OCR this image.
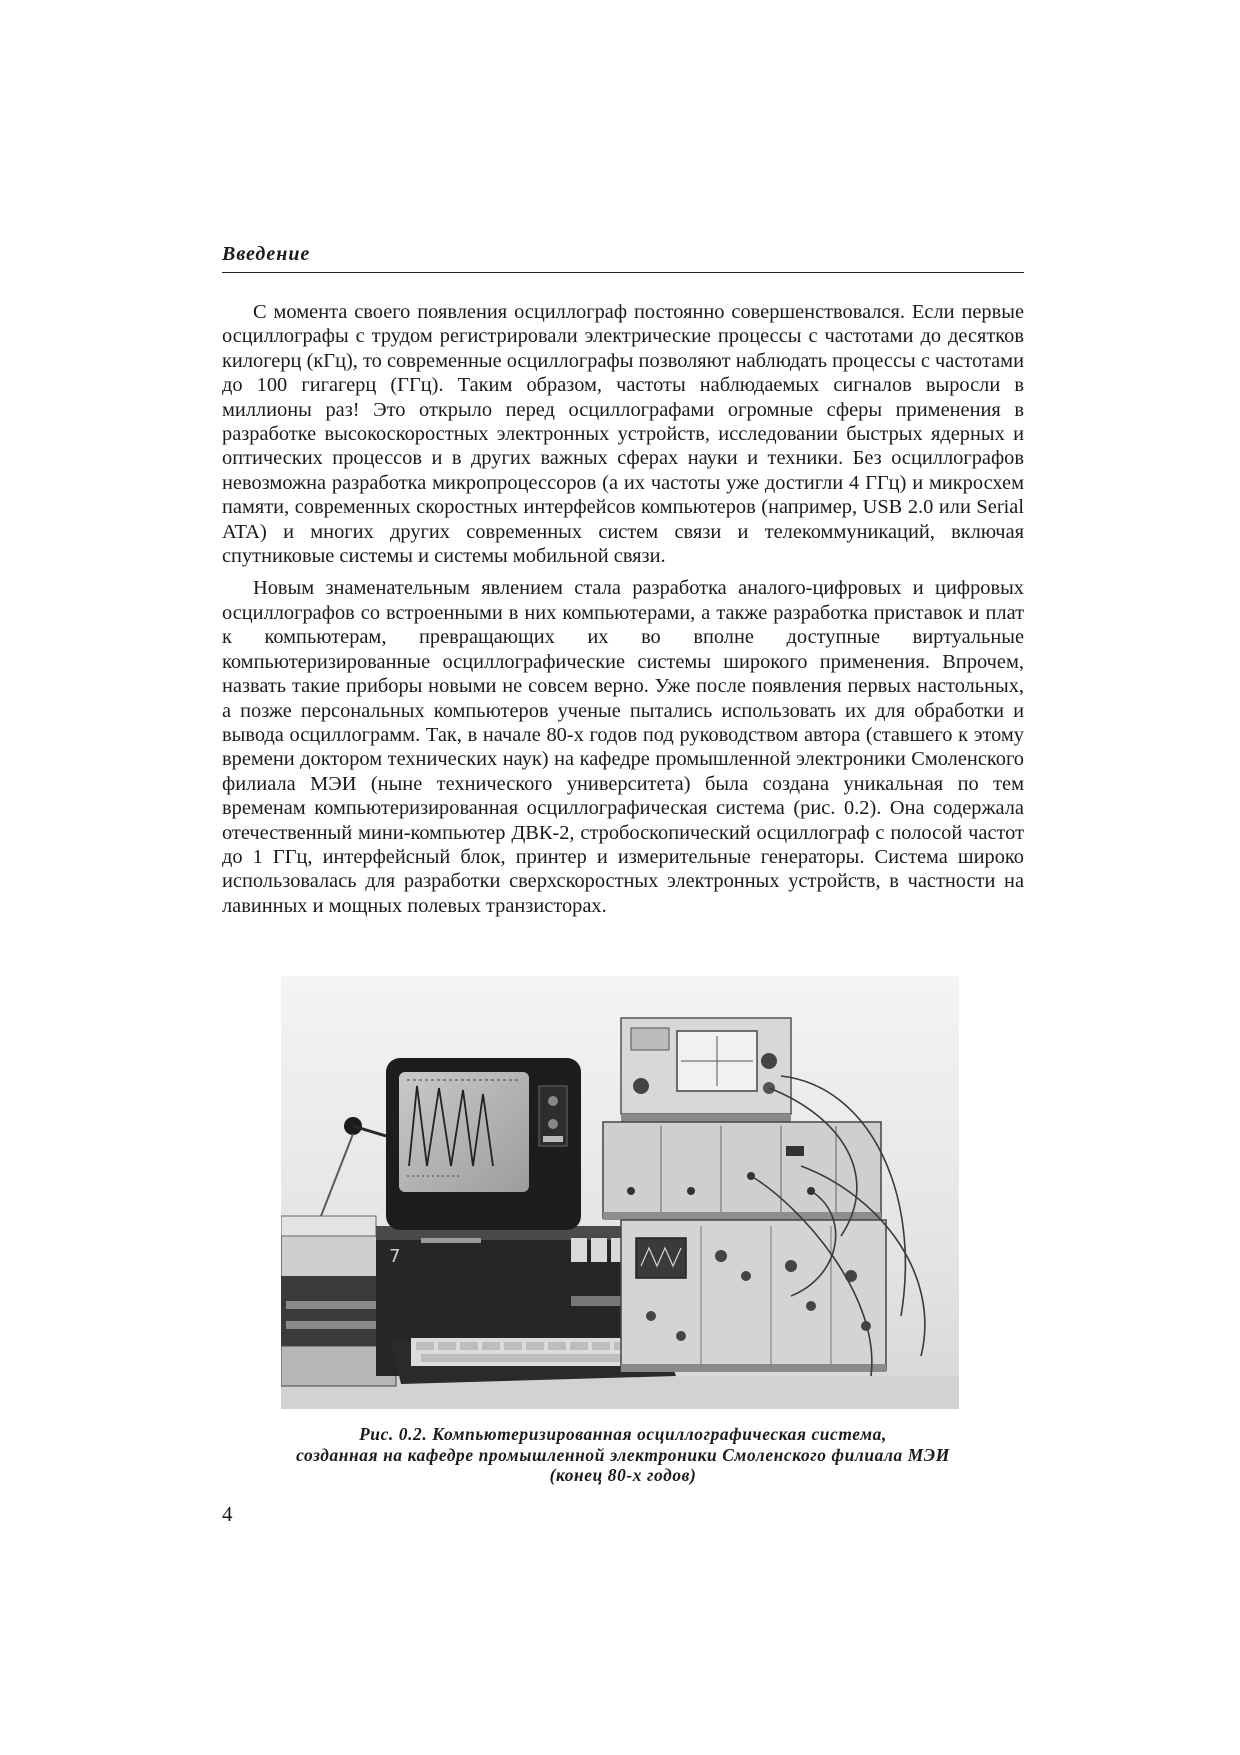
Введение

С момента своего появления осциллограф постоянно совершенствовался. Если первые осциллографы с трудом регистрировали электрические процессы с частотами до десятков килогерц (кГц), то современные осциллографы позволяют наблюдать процессы с частотами до 100 гигагерц (ГГц). Таким образом, частоты наблюдаемых сигналов выросли в миллионы раз! Это открыло перед осциллографами огромные сферы применения в разработке высокоскоростных электронных устройств, исследовании быстрых ядерных и оптических процессов и в других важных сферах науки и техники. Без осциллографов невозможна разработка микропроцессоров (а их частоты уже достигли 4 ГГц) и микросхем памяти, современных скоростных интерфейсов компьютеров (например, USB 2.0 или Serial ATA) и многих других современных систем связи и телекоммуникаций, включая спутниковые системы и системы мобильной связи.

Новым знаменательным явлением стала разработка аналого-цифровых и цифровых осциллографов со встроенными в них компьютерами, а также разработка приставок и плат к компьютерам, превращающих их во вполне доступные виртуальные компьютеризированные осциллографические системы широкого применения. Впрочем, назвать такие приборы новыми не совсем верно. Уже после появления первых настольных, а позже персональных компьютеров ученые пытались использовать их для обработки и вывода осциллограмм. Так, в начале 80-х годов под руководством автора (ставшего к этому времени доктором технических наук) на кафедре промышленной электроники Смоленского филиала МЭИ (ныне технического университета) была создана уникальная по тем временам компьютеризированная осциллографическая система (рис. 0.2). Она содержала отечественный мини-компьютер ДВК-2, стробоскопический осциллограф с полосой частот до 1 ГГц, интерфейсный блок, принтер и измерительные генераторы. Система широко использовалась для разработки сверхскоростных электронных устройств, в частности на лавинных и мощных полевых транзисторах.

7
Рис. 0.2. Компьютеризированная осциллографическая система,
созданная на кафедре промышленной электроники Смоленского филиала МЭИ
(конец 80-х годов)
4
